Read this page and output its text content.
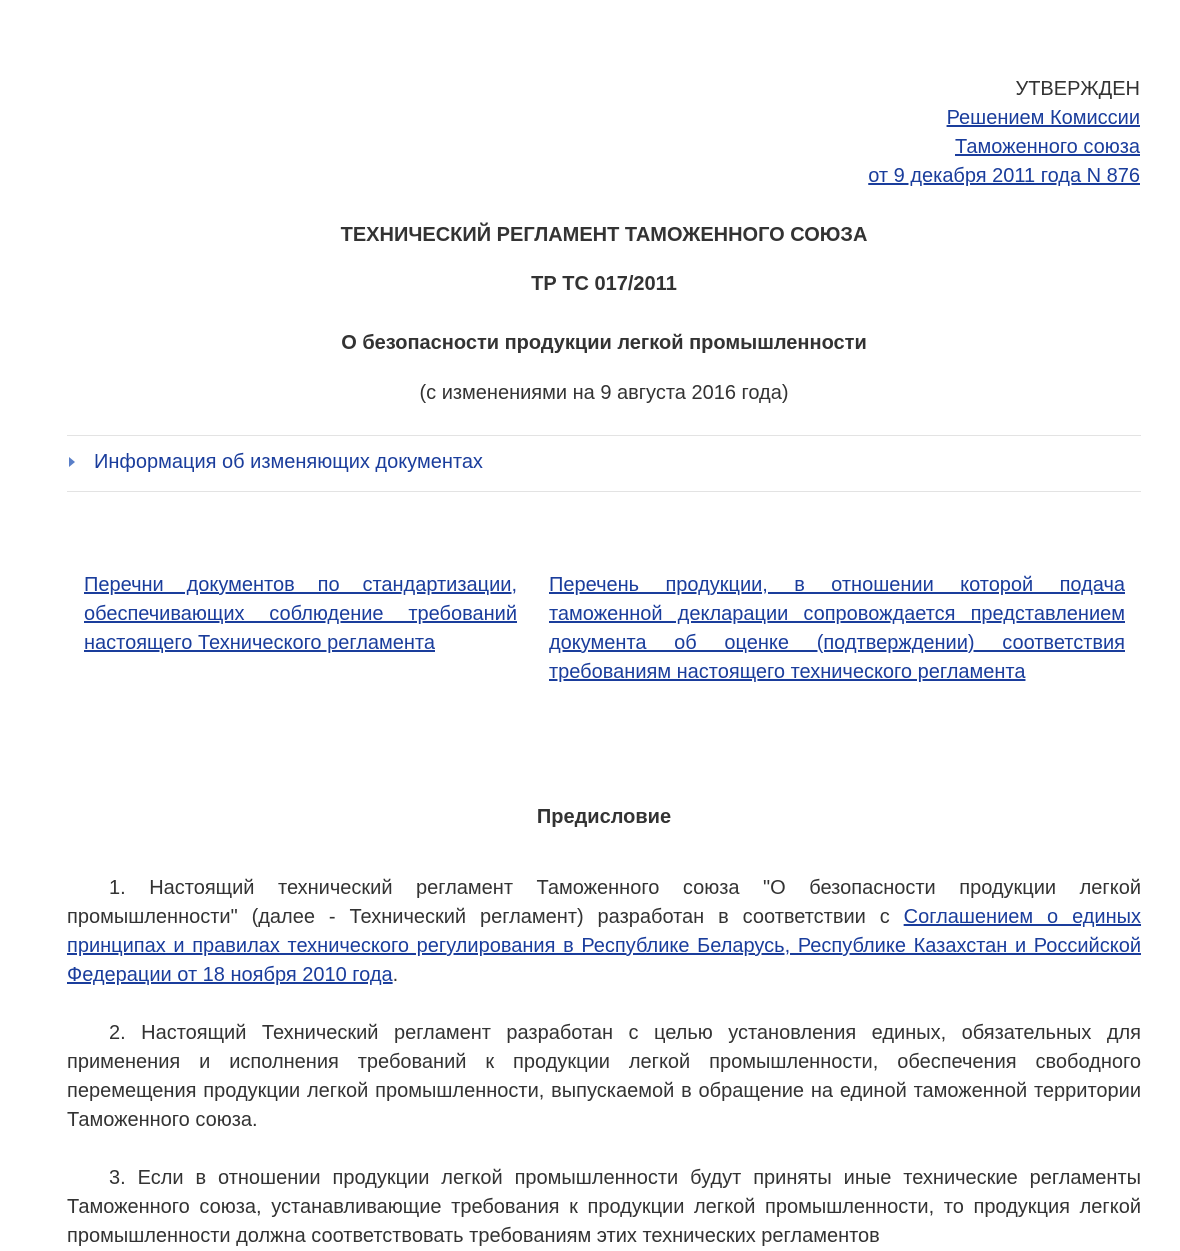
УТВЕРЖДЕН
Решением Комиссии
Таможенного союза
от 9 декабря 2011 года N 876
ТЕХНИЧЕСКИЙ РЕГЛАМЕНТ ТАМОЖЕННОГО СОЮЗА
ТР ТС 017/2011
О безопасности продукции легкой промышленности
(с изменениями на 9 августа 2016 года)
Информация об изменяющих документах
Перечни документов по стандартизации, обеспечивающих соблюдение требований настоящего Технического регламента
Перечень продукции, в отношении которой подача таможенной декларации сопровождается представлением документа об оценке (подтверждении) соответствия требованиям настоящего технического регламента
Предисловие
1. Настоящий технический регламент Таможенного союза "О безопасности продукции легкой промышленности" (далее - Технический регламент) разработан в соответствии с Соглашением о единых принципах и правилах технического регулирования в Республике Беларусь, Республике Казахстан и Российской Федерации от 18 ноября 2010 года.
2. Настоящий Технический регламент разработан с целью установления единых, обязательных для применения и исполнения требований к продукции легкой промышленности, обеспечения свободного перемещения продукции легкой промышленности, выпускаемой в обращение на единой таможенной территории Таможенного союза.
3. Если в отношении продукции легкой промышленности будут приняты иные технические регламенты Таможенного союза, устанавливающие требования к продукции легкой промышленности, то продукция легкой промышленности должна соответствовать требованиям этих технических регламентов
